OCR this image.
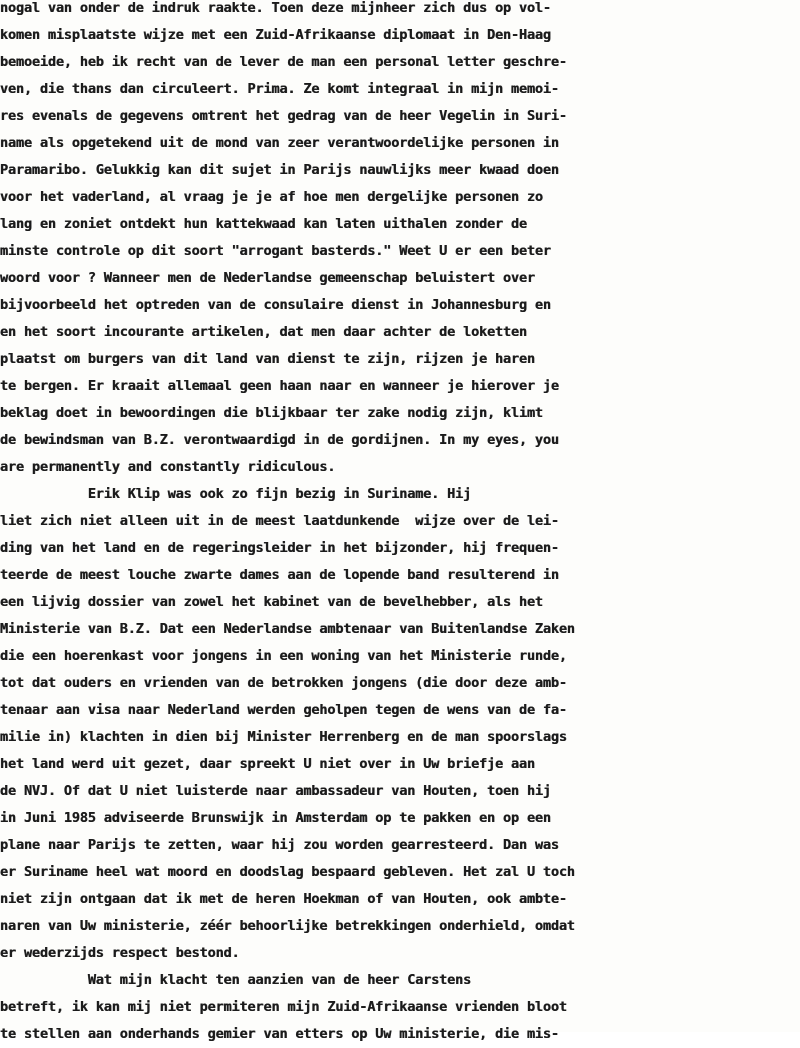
nogal van onder de indruk raakte. Toen deze mijnheer zich dus op vol-
komen misplaatste wijze met een Zuid-Afrikaanse diplomaat in Den-Haag
bemoeide, heb ik recht van de lever de man een personal letter geschre-
ven, die thans dan circuleert. Prima. Ze komt integraal in mijn memoi-
res evenals de gegevens omtrent het gedrag van de heer Vegelin in Suri-
name als opgetekend uit de mond van zeer verantwoordelijke personen in
Paramaribo. Gelukkig kan dit sujet in Parijs nauwlijks meer kwaad doen
voor het vaderland, al vraag je je af hoe men dergelijke personen zo
lang en zoniet ontdekt hun kattekwaad kan laten uithalen zonder de
minste controle op dit soort "arrogant basterds." Weet U er een beter
woord voor ? Wanneer men de Nederlandse gemeenschap beluistert over
bijvoorbeeld het optreden van de consulaire dienst in Johannesburg en
en het soort incourante artikelen, dat men daar achter de loketten
plaatst om burgers van dit land van dienst te zijn, rijzen je haren
te bergen. Er kraait allemaal geen haan naar en wanneer je hierover je
beklag doet in bewoordingen die blijkbaar ter zake nodig zijn, klimt
de bewindsman van B.Z. verontwaardigd in de gordijnen. In my eyes, you
are permanently and constantly ridiculous.
Erik Klip was ook zo fijn bezig in Suriname. Hij
liet zich niet alleen uit in de meest laatdunkende  wijze over de lei-
ding van het land en de regeringsleider in het bijzonder, hij frequen-
teerde de meest louche zwarte dames aan de lopende band resulterend in
een lijvig dossier van zowel het kabinet van de bevelhebber, als het
Ministerie van B.Z. Dat een Nederlandse ambtenaar van Buitenlandse Zaken
die een hoerenkast voor jongens in een woning van het Ministerie runde,
tot dat ouders en vrienden van de betrokken jongens (die door deze amb-
tenaar aan visa naar Nederland werden geholpen tegen de wens van de fa-
milie in) klachten in dien bij Minister Herrenberg en de man spoorslags
het land werd uit gezet, daar spreekt U niet over in Uw briefje aan
de NVJ. Of dat U niet luisterde naar ambassadeur van Houten, toen hij
in Juni 1985 adviseerde Brunswijk in Amsterdam op te pakken en op een
plane naar Parijs te zetten, waar hij zou worden gearresteerd. Dan was
er Suriname heel wat moord en doodslag bespaard gebleven. Het zal U toch
niet zijn ontgaan dat ik met de heren Hoekman of van Houten, ook ambte-
naren van Uw ministerie, zéér behoorlijke betrekkingen onderhield, omdat
er wederzijds respect bestond.
Wat mijn klacht ten aanzien van de heer Carstens
betreft, ik kan mij niet permiteren mijn Zuid-Afrikaanse vrienden bloot
te stellen aan onderhands gemier van etters op Uw ministerie, die mis-
